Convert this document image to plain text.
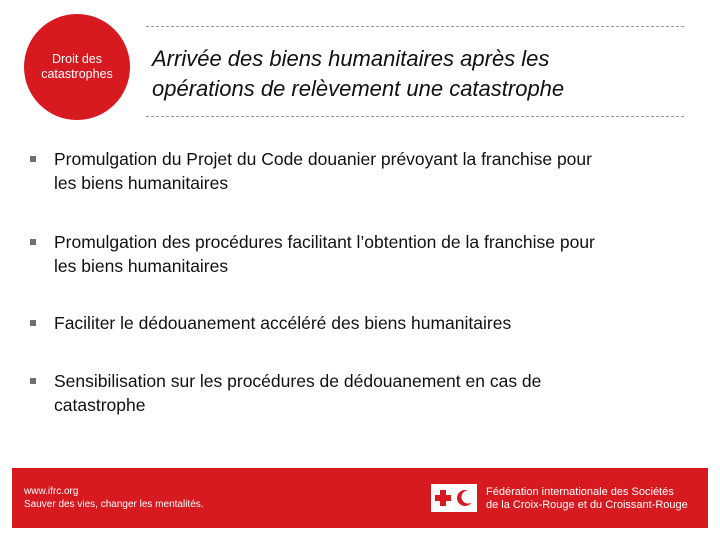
Droit des
catastrophes
Arrivée des biens humanitaires après les
opérations de relèvement une catastrophe
Promulgation du Projet du Code douanier prévoyant la franchise pour
les biens humanitaires
Promulgation des procédures facilitant l’obtention de la franchise pour
les biens humanitaires
Faciliter le dédouanement accéléré des biens humanitaires
Sensibilisation sur les procédures de dédouanement en cas de
catastrophe
www.ifrc.org
Sauver des vies, changer les mentalités.
Fédération internationale des Sociétés
de la Croix-Rouge et du Croissant-Rouge
